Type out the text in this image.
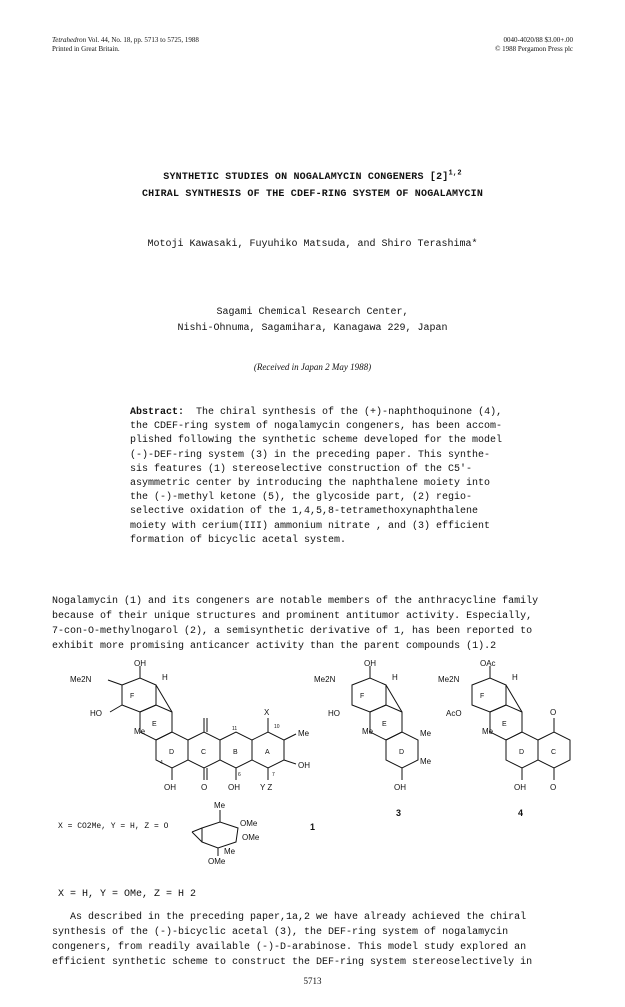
Tetrahedron Vol. 44, No. 18, pp. 5713 to 5725, 1988
Printed in Great Britain.
0040-4020/88 $3.00+.00
© 1988 Pergamon Press plc
SYNTHETIC STUDIES ON NOGALAMYCIN CONGENERS $[2]^{1,2}$
CHIRAL SYNTHESIS OF THE CDEF-RING SYSTEM OF NOGALAMYCIN
Motoji Kawasaki, Fuyuhiko Matsuda, and Shiro Terashima*
Sagami Chemical Research Center,
Nishi-Ohnuma, Sagamihara, Kanagawa 229, Japan
(Received in Japan 2 May 1988)
Abstract: The chiral synthesis of the (+)-naphthoquinone (4),
the CDEF-ring system of nogalamycin congeners, has been accom-
plished following the synthetic scheme developed for the model
(-)-DEF-ring system (3) in the preceding paper. This synthe-
sis features (1) stereoselective construction of the C5'-
asymmetric center by introducing the naphthalene moiety into
the (-)-methyl ketone (5), the glycoside part, (2) regio-
selective oxidation of the 1,4,5,8-tetramethoxynaphthalene
moiety with cerium(III) ammonium nitrate , and (3) efficient
formation of bicyclic acetal system.
Nogalamycin (1) and its congeners are notable members of the anthracycline family
because of their unique structures and prominent antitumor activity. Especially,
7-con-O-methylnogarol (2), a semisynthetic derivative of 1, has been reported to
exhibit more promising anticancer activity than the parent compounds (1).2
OH
Me2N	H
F
E
HO
Me
D	C	B	A
X
Me
OH
OH	O	OH	Y Z
11	10
7
4
6
OH
Me2N	H
F
E
HO
Me
D
Me
Me
OH
OAc
Me2N	H
F
E
AcO
Me
D	C
O
OH	O
1
3	4
X = CO2Me, Y = H, Z = O
Me
OMe
OMe
Me
OMe
X = H, Y = OMe, Z = H 2
As described in the preceding paper,1a,2 we have already achieved the chiral
synthesis of the (-)-bicyclic acetal (3), the DEF-ring system of nogalamycin
congeners, from readily available (-)-D-arabinose. This model study explored an
efficient synthetic scheme to construct the DEF-ring system stereoselectively in
5713
